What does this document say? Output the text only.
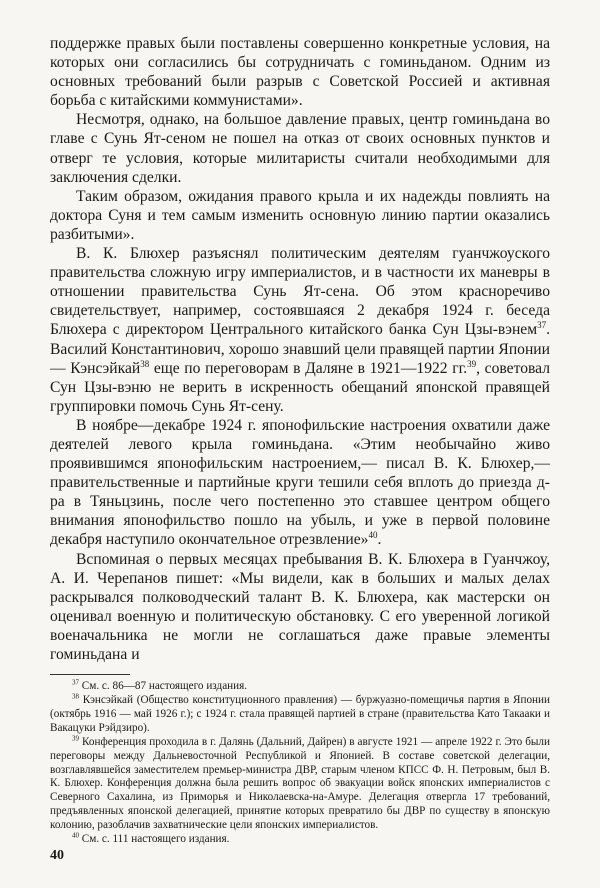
поддержке правых были поставлены совершенно конкретные условия, на которых они согласились бы сотрудничать с гоминьданом. Одним из основных требований были разрыв с Советской Россией и активная борьба с китайскими коммунистами».

Несмотря, однако, на большое давление правых, центр гоминьдана во главе с Сунь Ят-сеном не пошел на отказ от своих основных пунктов и отверг те условия, которые милитаристы считали необходимыми для заключения сделки.

Таким образом, ожидания правого крыла и их надежды повлиять на доктора Суня и тем самым изменить основную линию партии оказались разбитыми».

В. К. Блюхер разъяснял политическим деятелям гуанчжоуского правительства сложную игру империалистов, и в частности их маневры в отношении правительства Сунь Ят-сена. Об этом красноречиво свидетельствует, например, состоявшаяся 2 декабря 1924 г. беседа Блюхера с директором Центрального китайского банка Сун Цзы-вэнем$^{37}$. Василий Константинович, хорошо знавший цели правящей партии Японии — Кэнсэйкай$^{38}$ еще по переговорам в Даляне в 1921—1922 гг.$^{39}$, советовал Сун Цзы-вэню не верить в искренность обещаний японской правящей группировки помочь Сунь Ят-сену.

В ноябре—декабре 1924 г. японофильские настроения охватили даже деятелей левого крыла гоминьдана. «Этим необычайно живо проявившимся японофильским настроением,— писал В. К. Блюхер,— правительственные и партийные круги тешили себя вплоть до приезда д-ра в Тяньцзинь, после чего постепенно это ставшее центром общего внимания японофильство пошло на убыль, и уже в первой половине декабря наступило окончательное отрезвление»$^{40}$.

Вспоминая о первых месяцах пребывания В. К. Блюхера в Гуанчжоу, А. И. Черепанов пишет: «Мы видели, как в больших и малых делах раскрывался полководческий талант В. К. Блюхера, как мастерски он оценивал военную и политическую обстановку. С его уверенной логикой военачальника не могли не соглашаться даже правые элементы гоминьдана и

$^{37}$ См. с. 86—87 настоящего издания.

$^{38}$ Кэнсэйкай (Общество конституционного правления) — буржуазно-помещичья партия в Японии (октябрь 1916 — май 1926 г.); с 1924 г. стала правящей партией в стране (правительства Като Такааки и Вакацуки Рэйдзиро).

$^{39}$ Конференция проходила в г. Далянь (Дальний, Дайрен) в августе 1921 — апреле 1922 г. Это были переговоры между Дальневосточной Республикой и Японией. В составе советской делегации, возглавлявшейся заместителем премьер-министра ДВР, старым членом КПСС Ф. Н. Петровым, был В. К. Блюхер. Конференция должна была решить вопрос об эвакуации войск японских империалистов с Северного Сахалина, из Приморья и Николаевска-на-Амуре. Делегация отвергла 17 требований, предъявленных японской делегацией, принятие которых превратило бы ДВР по существу в японскую колонию, разоблачив захватнические цели японских империалистов.

$^{40}$ См. с. 111 настоящего издания.

40
